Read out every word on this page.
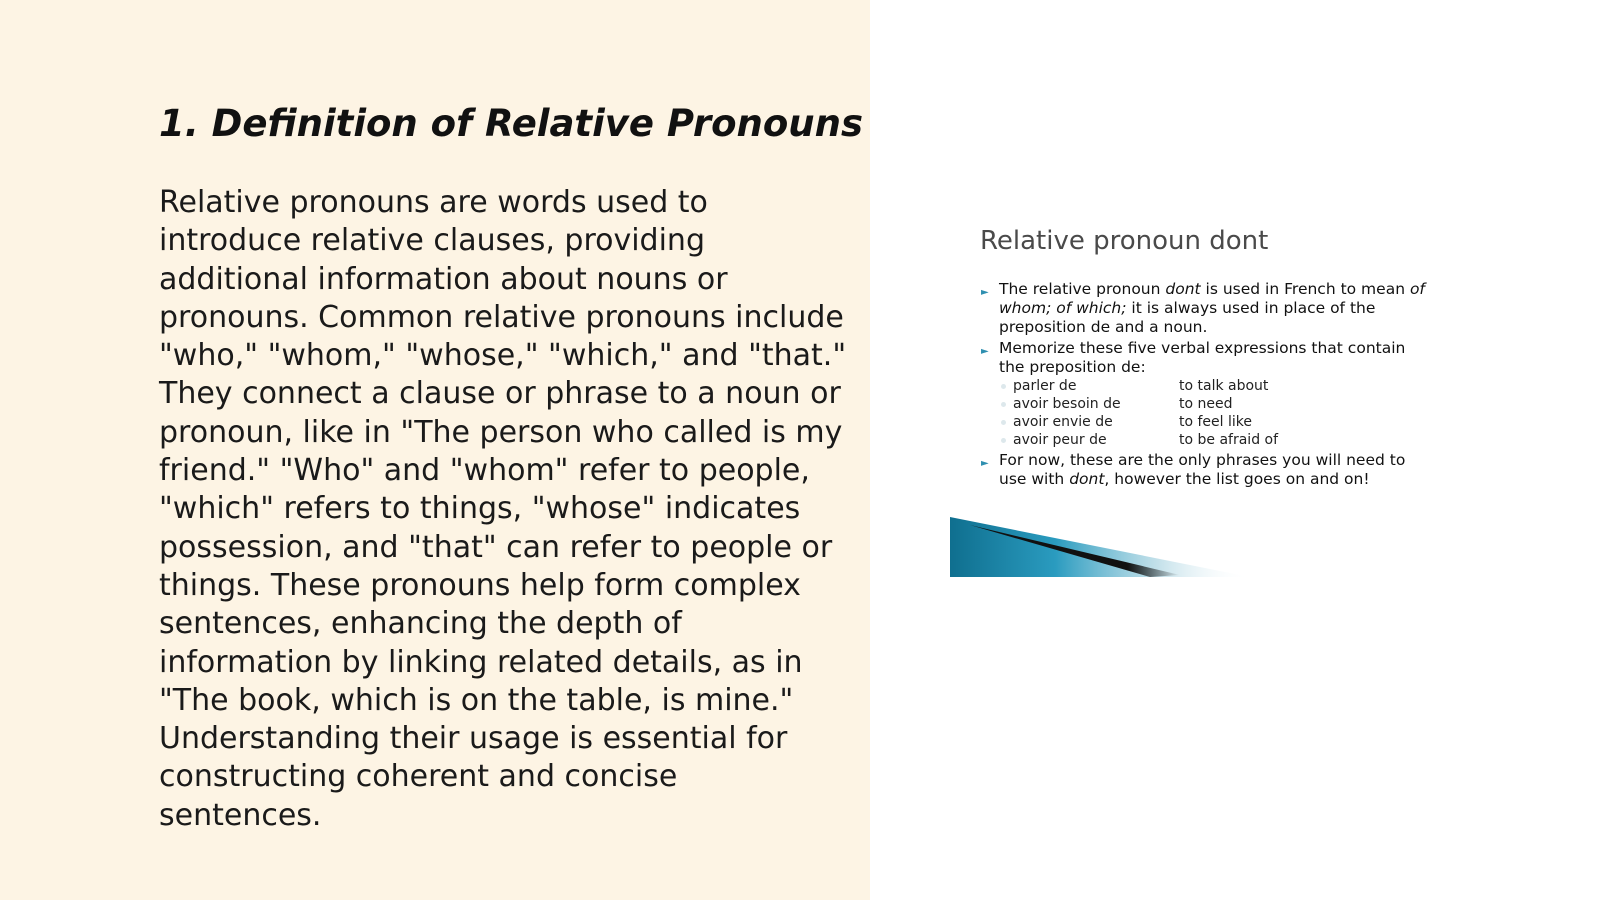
1. Definition of Relative Pronouns

Relative pronouns are words used to introduce relative clauses, providing additional information about nouns or pronouns. Common relative pronouns include "who," "whom," "whose," "which," and "that." They connect a clause or phrase to a noun or pronoun, like in "The person who called is my friend." "Who" and "whom" refer to people, "which" refers to things, "whose" indicates possession, and "that" can refer to people or things. These pronouns help form complex sentences, enhancing the depth of information by linking related details, as in "The book, which is on the table, is mine." Understanding their usage is essential for constructing coherent and concise sentences.

Relative pronoun dont
► The relative pronoun dont is used in French to mean of whom; of which; it is always used in place of the preposition de and a noun.
► Memorize these five verbal expressions that contain the preposition de:
parler de	to talk about
avoir besoin de	to need
avoir envie de	to feel like
avoir peur de	to be afraid of
► For now, these are the only phrases you will need to use with dont, however the list goes on and on!
